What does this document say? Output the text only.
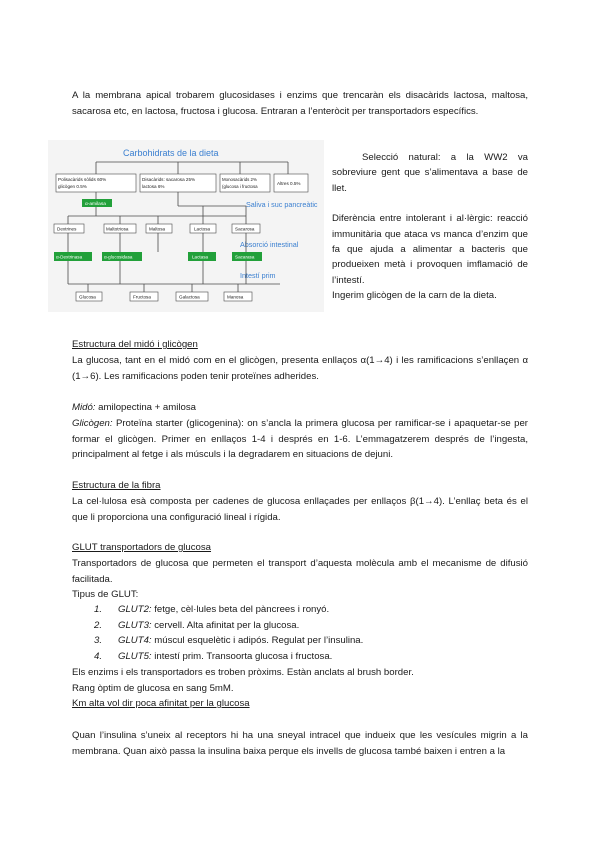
A la membrana apical trobarem glucosidases i enzims que trencaràn els disacàrids lactosa, maltosa, sacarosa etc, en lactosa, fructosa i glucosa. Entraran a l’enteròcit per transportadors específics.

Carbohidrats de la dieta
Polisacàrids sòlids 60%
glicògen 0.5%
Disacàrids: sacarosa 25%
lactosa 6%
Monosacàrids 2%
(glucosa i fructosa
Altres 0.5%
α-amilasa	Saliva i suc pancreàtic
Dextrines	Maltotriosa	Maltosa	Lactosa	Sacarosa
Absorció intestinal
α-Dextrinasa	α-glucosidasa	Lactasa	Sacarasa
Intestí prim
Glucosa	Fructosa	Galactosa	Manosa

Selecció natural: a la WW2 va sobreviure gent que s’alimentava a base de llet.

Diferència entre intolerant i al·lèrgic: reacció immunitària que ataca vs manca d’enzim que fa que ajuda a alimentar a bacteris que produeixen metà i provoquen imflamació de l’intestí.

Ingerim glicògen de la carn de la dieta.

Estructura del midó i glicògen

La glucosa, tant en el midó com en el glicògen, presenta enllaços α(1→4) i les ramificacions s’enllaçen α (1→6). Les ramificacions poden tenir proteïnes adherides.

Midó: amilopectina + amilosa

Glicògen: Proteïna starter (glicogenina): on s’ancla la primera glucosa per ramificar-se i apaquetar-se per formar el glicògen. Primer en enllaços 1-4 i després en 1-6. L’emmagatzerem després de l’ingesta, principalment al fetge i als músculs i la degradarem en situacions de dejuni.

Estructura de la fibra

La cel·lulosa esà composta per cadenes de glucosa enllaçades per enllaços β(1→4). L’enllaç beta és el que li proporciona una configuració lineal i rígida.

GLUT transportadors de glucosa

Transportadors de glucosa que permeten el transport d’aquesta molècula amb el mecanisme de difusió facilitada.

Tipus de GLUT:

1. GLUT2: fetge, cèl·lules beta del pàncrees i ronyó.
2. GLUT3: cervell. Alta afinitat per la glucosa.
3. GLUT4: múscul esquelètic i adipós. Regulat per l’insulina.
4. GLUT5: intestí prim. Transoorta glucosa i fructosa.

Els enzims i els transportadors es troben pròxims. Estàn anclats al brush border.

Rang òptim de glucosa en sang 5mM.

Km alta vol dir poca afinitat per la glucosa

Quan l’insulina s’uneix al receptors hi ha una sneyal intracel que indueix que les vesícules migrin a la membrana. Quan això passa la insulina baixa perque els invells de glucosa també baixen i entren a la
